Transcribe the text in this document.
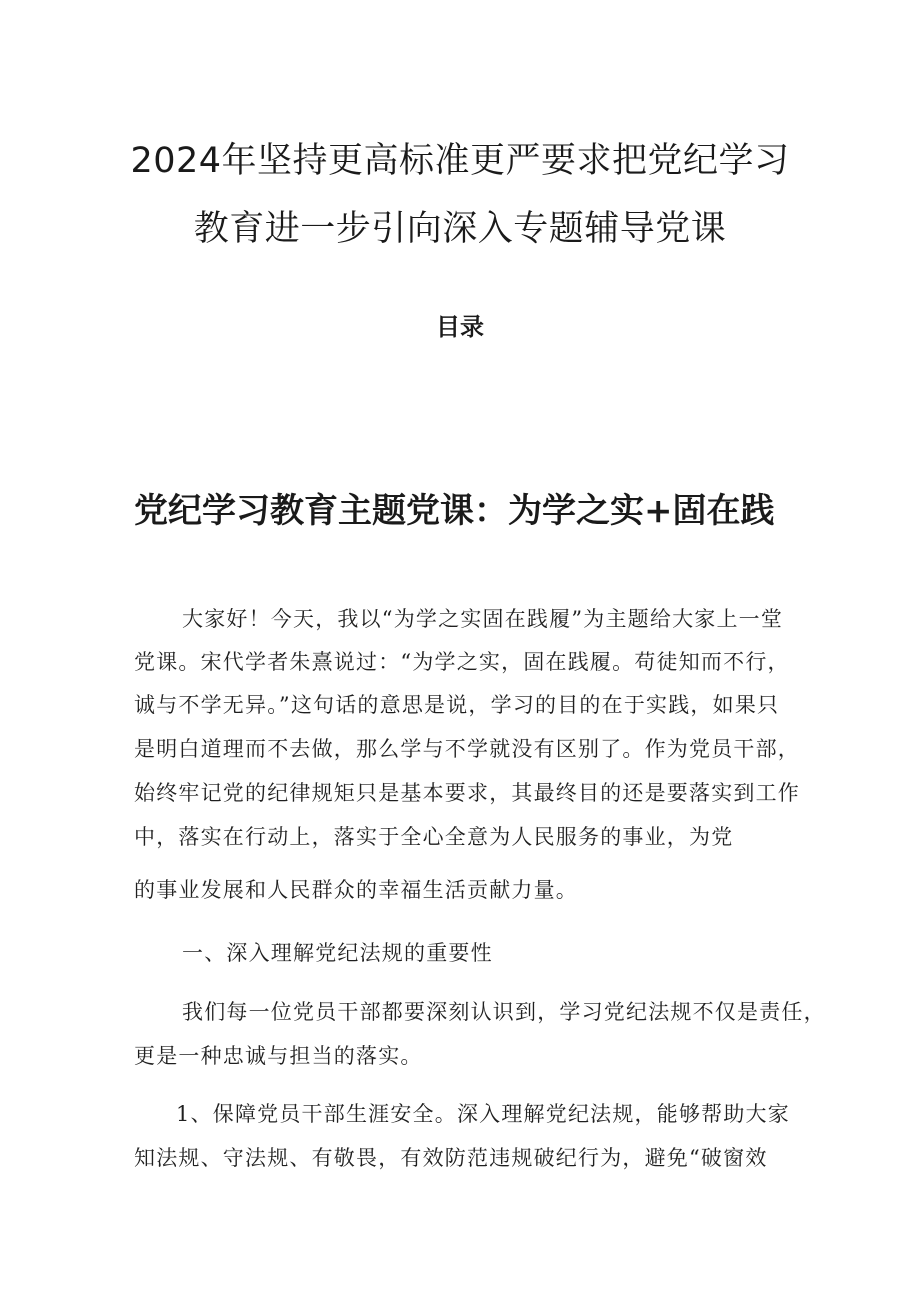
2024年坚持更高标准更严要求把党纪学习
教育进一步引向深入专题辅导党课
目录
党纪学习教育主题党课：为学之实+固在践
大家好！今天，我以“为学之实固在践履”为主题给大家上一堂
党课。宋代学者朱熹说过：“为学之实，固在践履。苟徒知而不行，
诚与不学无异。”这句话的意思是说，学习的目的在于实践，如果只
是明白道理而不去做，那么学与不学就没有区别了。作为党员干部，
始终牢记党的纪律规矩只是基本要求，其最终目的还是要落实到工作
中，落实在行动上，落实于全心全意为人民服务的事业，为党
的事业发展和人民群众的幸福生活贡献力量。
一、深入理解党纪法规的重要性
我们每一位党员干部都要深刻认识到，学习党纪法规不仅是责任，
更是一种忠诚与担当的落实。
1、保障党员干部生涯安全。深入理解党纪法规，能够帮助大家
知法规、守法规、有敬畏，有效防范违规破纪行为，避免“破窗效
